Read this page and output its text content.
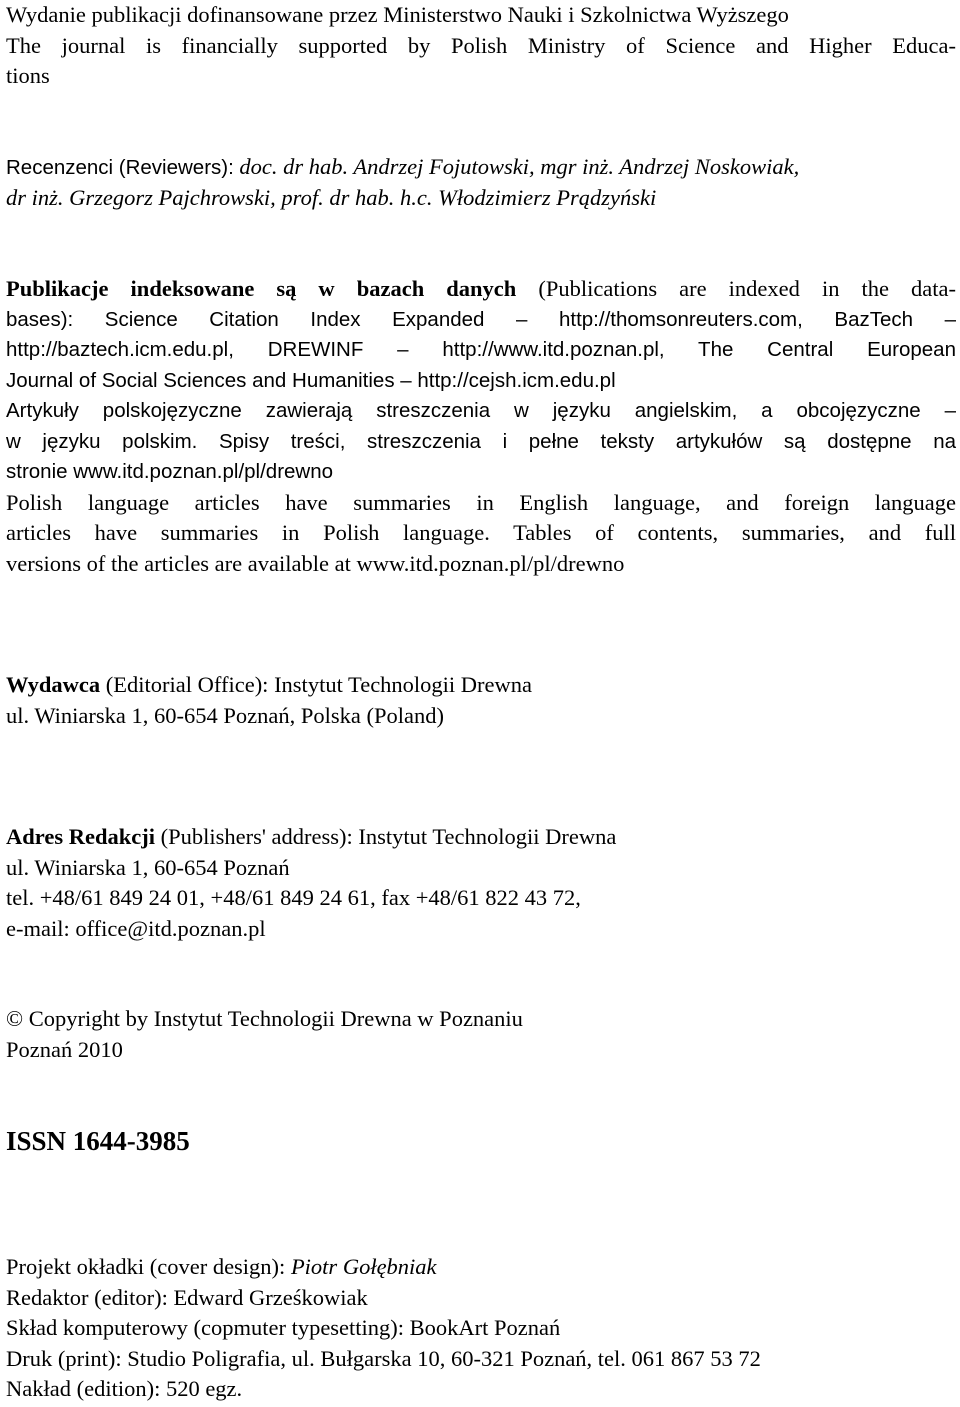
Wydanie publikacji dofinansowane przez Ministerstwo Nauki i Szkolnictwa Wyższego
The journal is financially supported by Polish Ministry of Science and Higher Educa-
tions
Recenzenci (Reviewers): doc. dr hab. Andrzej Fojutowski, mgr inż. Andrzej Noskowiak,
dr inż. Grzegorz Pajchrowski, prof. dr hab. h.c. Włodzimierz Prądzyński
Publikacje indeksowane są w bazach danych (Publications are indexed in the data-
bases): Science Citation Index Expanded – http://thomsonreuters.com, BazTech –
http://baztech.icm.edu.pl, DREWINF – http://www.itd.poznan.pl, The Central European
Journal of Social Sciences and Humanities – http://cejsh.icm.edu.pl
Artykuły polskojęzyczne zawierają streszczenia w języku angielskim, a obcojęzyczne –
w języku polskim. Spisy treści, streszczenia i pełne teksty artykułów są dostępne na
stronie www.itd.poznan.pl/pl/drewno
Polish language articles have summaries in English language, and foreign language
articles have summaries in Polish language. Tables of contents, summaries, and full
versions of the articles are available at www.itd.poznan.pl/pl/drewno
Wydawca (Editorial Office): Instytut Technologii Drewna
ul. Winiarska 1, 60-654 Poznań, Polska (Poland)
Adres Redakcji (Publishers' address): Instytut Technologii Drewna
ul. Winiarska 1, 60-654 Poznań
tel. +48/61 849 24 01, +48/61 849 24 61, fax +48/61 822 43 72,
e-mail: office@itd.poznan.pl
© Copyright by Instytut Technologii Drewna w Poznaniu
Poznań 2010
ISSN 1644-3985
Projekt okładki (cover design): Piotr Gołębniak
Redaktor (editor): Edward Grześkowiak
Skład komputerowy (copmuter typesetting): BookArt Poznań
Druk (print): Studio Poligrafia, ul. Bułgarska 10, 60-321 Poznań, tel. 061 867 53 72
Nakład (edition): 520 egz.
